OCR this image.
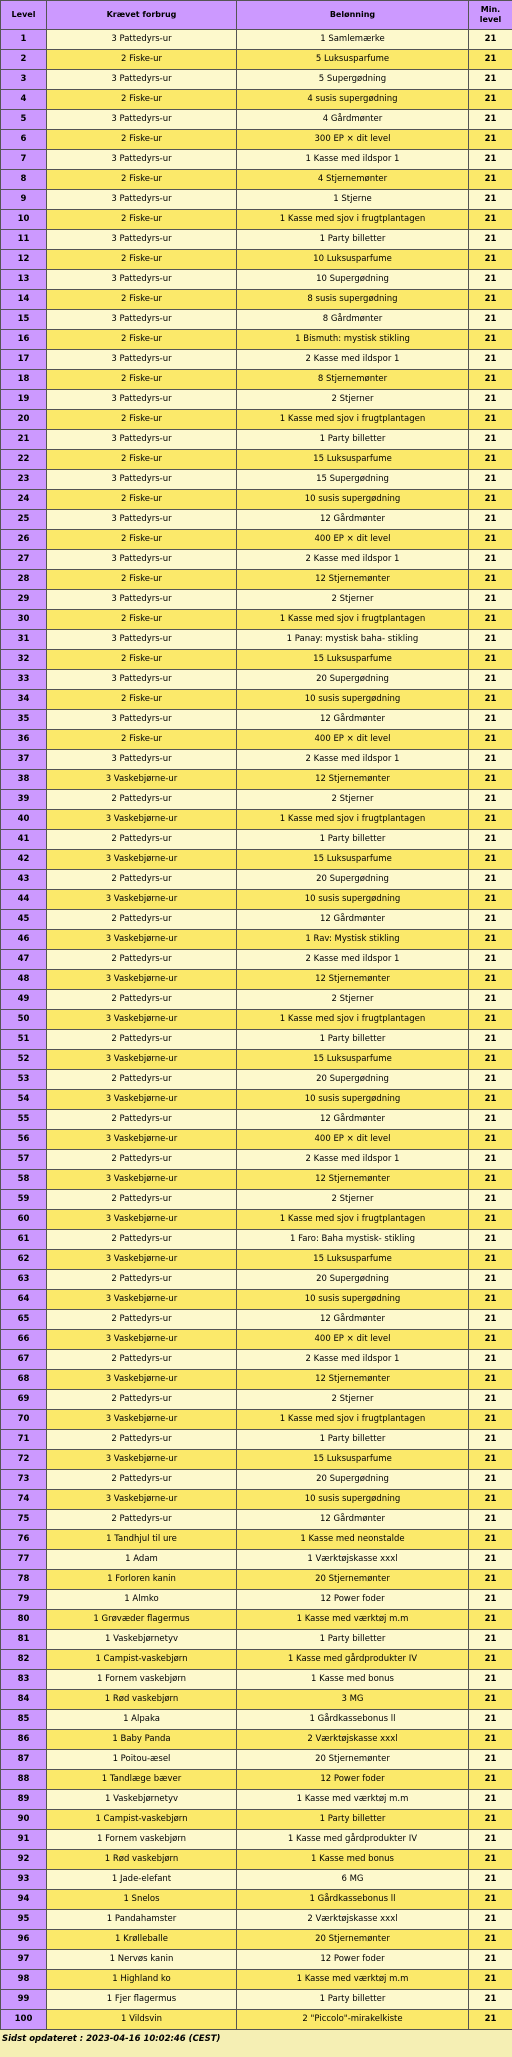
Level	Krævet forbrug	Belønning	Min. level
1	3 Pattedyrs-ur	1 Samlemærke	21
2	2 Fiske-ur	5 Luksusparfume	21
3	3 Pattedyrs-ur	5 Supergødning	21
4	2 Fiske-ur	4 susis supergødning	21
5	3 Pattedyrs-ur	4 Gårdmønter	21
6	2 Fiske-ur	300 EP × dit level	21
7	3 Pattedyrs-ur	1 Kasse med ildspor 1	21
8	2 Fiske-ur	4 Stjernemønter	21
9	3 Pattedyrs-ur	1 Stjerne	21
10	2 Fiske-ur	1 Kasse med sjov i frugtplantagen	21
11	3 Pattedyrs-ur	1 Party billetter	21
12	2 Fiske-ur	10 Luksusparfume	21
13	3 Pattedyrs-ur	10 Supergødning	21
14	2 Fiske-ur	8 susis supergødning	21
15	3 Pattedyrs-ur	8 Gårdmønter	21
16	2 Fiske-ur	1 Bismuth: mystisk stikling	21
17	3 Pattedyrs-ur	2 Kasse med ildspor 1	21
18	2 Fiske-ur	8 Stjernemønter	21
19	3 Pattedyrs-ur	2 Stjerner	21
20	2 Fiske-ur	1 Kasse med sjov i frugtplantagen	21
21	3 Pattedyrs-ur	1 Party billetter	21
22	2 Fiske-ur	15 Luksusparfume	21
23	3 Pattedyrs-ur	15 Supergødning	21
24	2 Fiske-ur	10 susis supergødning	21
25	3 Pattedyrs-ur	12 Gårdmønter	21
26	2 Fiske-ur	400 EP × dit level	21
27	3 Pattedyrs-ur	2 Kasse med ildspor 1	21
28	2 Fiske-ur	12 Stjernemønter	21
29	3 Pattedyrs-ur	2 Stjerner	21
30	2 Fiske-ur	1 Kasse med sjov i frugtplantagen	21
31	3 Pattedyrs-ur	1 Panay: mystisk baha- stikling	21
32	2 Fiske-ur	15 Luksusparfume	21
33	3 Pattedyrs-ur	20 Supergødning	21
34	2 Fiske-ur	10 susis supergødning	21
35	3 Pattedyrs-ur	12 Gårdmønter	21
36	2 Fiske-ur	400 EP × dit level	21
37	3 Pattedyrs-ur	2 Kasse med ildspor 1	21
38	3 Vaskebjørne-ur	12 Stjernemønter	21
39	2 Pattedyrs-ur	2 Stjerner	21
40	3 Vaskebjørne-ur	1 Kasse med sjov i frugtplantagen	21
41	2 Pattedyrs-ur	1 Party billetter	21
42	3 Vaskebjørne-ur	15 Luksusparfume	21
43	2 Pattedyrs-ur	20 Supergødning	21
44	3 Vaskebjørne-ur	10 susis supergødning	21
45	2 Pattedyrs-ur	12 Gårdmønter	21
46	3 Vaskebjørne-ur	1 Rav: Mystisk stikling	21
47	2 Pattedyrs-ur	2 Kasse med ildspor 1	21
48	3 Vaskebjørne-ur	12 Stjernemønter	21
49	2 Pattedyrs-ur	2 Stjerner	21
50	3 Vaskebjørne-ur	1 Kasse med sjov i frugtplantagen	21
51	2 Pattedyrs-ur	1 Party billetter	21
52	3 Vaskebjørne-ur	15 Luksusparfume	21
53	2 Pattedyrs-ur	20 Supergødning	21
54	3 Vaskebjørne-ur	10 susis supergødning	21
55	2 Pattedyrs-ur	12 Gårdmønter	21
56	3 Vaskebjørne-ur	400 EP × dit level	21
57	2 Pattedyrs-ur	2 Kasse med ildspor 1	21
58	3 Vaskebjørne-ur	12 Stjernemønter	21
59	2 Pattedyrs-ur	2 Stjerner	21
60	3 Vaskebjørne-ur	1 Kasse med sjov i frugtplantagen	21
61	2 Pattedyrs-ur	1 Faro: Baha mystisk- stikling	21
62	3 Vaskebjørne-ur	15 Luksusparfume	21
63	2 Pattedyrs-ur	20 Supergødning	21
64	3 Vaskebjørne-ur	10 susis supergødning	21
65	2 Pattedyrs-ur	12 Gårdmønter	21
66	3 Vaskebjørne-ur	400 EP × dit level	21
67	2 Pattedyrs-ur	2 Kasse med ildspor 1	21
68	3 Vaskebjørne-ur	12 Stjernemønter	21
69	2 Pattedyrs-ur	2 Stjerner	21
70	3 Vaskebjørne-ur	1 Kasse med sjov i frugtplantagen	21
71	2 Pattedyrs-ur	1 Party billetter	21
72	3 Vaskebjørne-ur	15 Luksusparfume	21
73	2 Pattedyrs-ur	20 Supergødning	21
74	3 Vaskebjørne-ur	10 susis supergødning	21
75	2 Pattedyrs-ur	12 Gårdmønter	21
76	1 Tandhjul til ure	1 Kasse med neonstalde	21
77	1 Adam	1 Værktøjskasse xxxl	21
78	1 Forloren kanin	20 Stjernemønter	21
79	1 Almko	12 Power foder	21
80	1 Grøvæder flagermus	1 Kasse med værktøj m.m	21
81	1 Vaskebjørnetyv	1 Party billetter	21
82	1 Campist-vaskebjørn	1 Kasse med gårdprodukter IV	21
83	1 Fornem vaskebjørn	1 Kasse med bonus	21
84	1 Rød vaskebjørn	3 MG	21
85	1 Alpaka	1 Gårdkassebonus ll	21
86	1 Baby Panda	2 Værktøjskasse xxxl	21
87	1 Poitou-æsel	20 Stjernemønter	21
88	1 Tandlæge bæver	12 Power foder	21
89	1 Vaskebjørnetyv	1 Kasse med værktøj m.m	21
90	1 Campist-vaskebjørn	1 Party billetter	21
91	1 Fornem vaskebjørn	1 Kasse med gårdprodukter IV	21
92	1 Rød vaskebjørn	1 Kasse med bonus	21
93	1 Jade-elefant	6 MG	21
94	1 Snelos	1 Gårdkassebonus ll	21
95	1 Pandahamster	2 Værktøjskasse xxxl	21
96	1 Krølleballe	20 Stjernemønter	21
97	1 Nervøs kanin	12 Power foder	21
98	1 Highland ko	1 Kasse med værktøj m.m	21
99	1 Fjer flagermus	1 Party billetter	21
100	1 Vildsvin	2 "Piccolo"-mirakelkiste	21
Sidst opdateret : 2023-04-16 10:02:46 (CEST)
